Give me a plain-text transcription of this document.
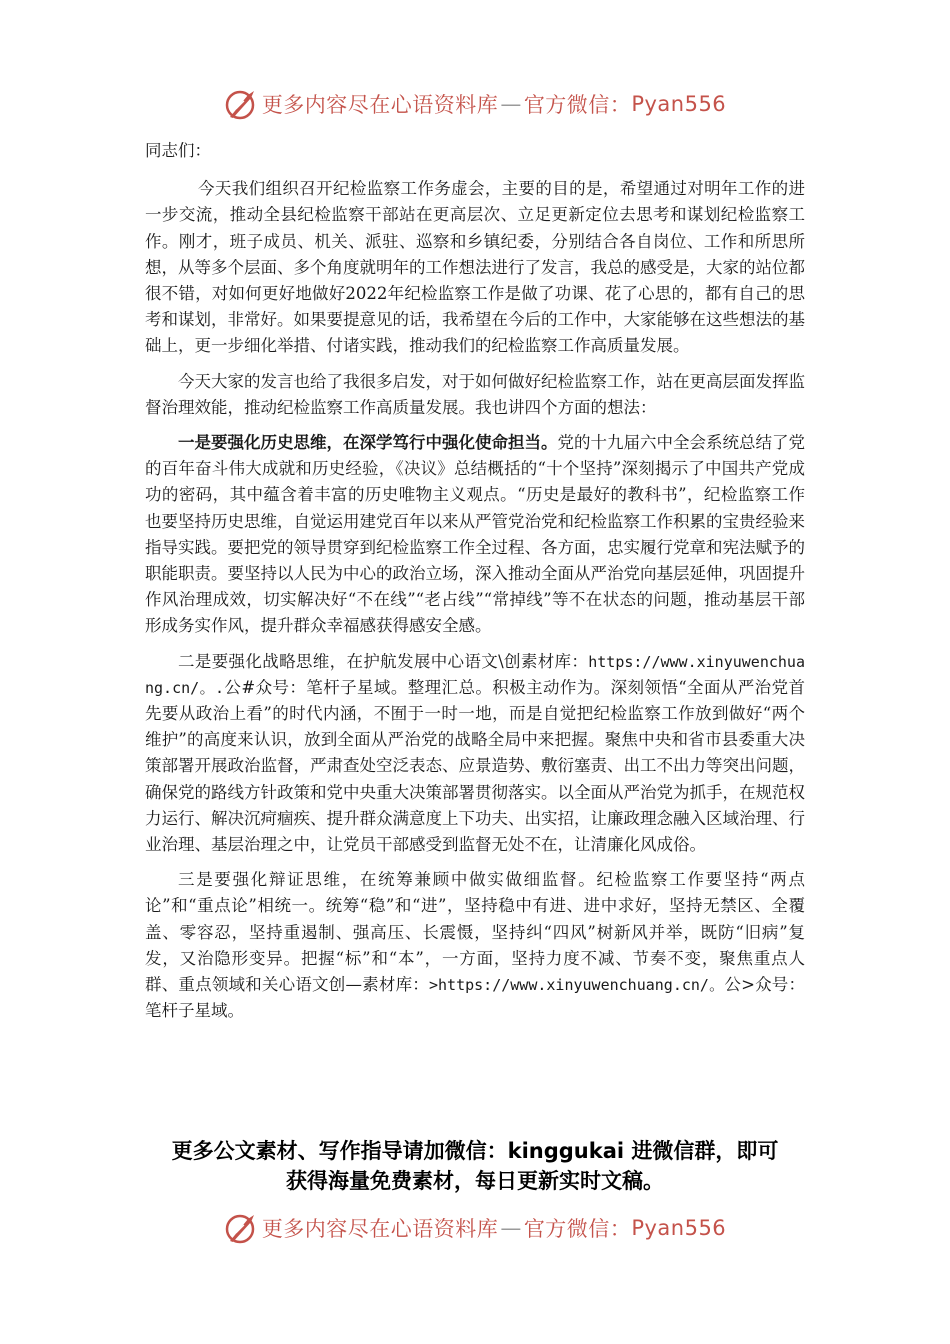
更多内容尽在心语资料库 — 官方微信： Pyan556

同志们：

今天我们组织召开纪检监察工作务虚会，主要的目的是，希望通过对明年工作的进一步交流，推动全县纪检监察干部站在更高层次、立足更新定位去思考和谋划纪检监察工作。刚才，班子成员、机关、派驻、巡察和乡镇纪委，分别结合各自岗位、工作和所思所想，从等多个层面、多个角度就明年的工作想法进行了发言，我总的感受是，大家的站位都很不错，对如何更好地做好2022年纪检监察工作是做了功课、花了心思的，都有自己的思考和谋划，非常好。如果要提意见的话，我希望在今后的工作中，大家能够在这些想法的基础上，更一步细化举措、付诸实践，推动我们的纪检监察工作高质量发展。

今天大家的发言也给了我很多启发，对于如何做好纪检监察工作，站在更高层面发挥监督治理效能，推动纪检监察工作高质量发展。我也讲四个方面的想法：

一是要强化历史思维，在深学笃行中强化使命担当。党的十九届六中全会系统总结了党的百年奋斗伟大成就和历史经验，《决议》总结概括的“十个坚持”深刻揭示了中国共产党成功的密码，其中蕴含着丰富的历史唯物主义观点。“历史是最好的教科书”，纪检监察工作也要坚持历史思维，自觉运用建党百年以来从严管党治党和纪检监察工作积累的宝贵经验来指导实践。要把党的领导贯穿到纪检监察工作全过程、各方面，忠实履行党章和宪法赋予的职能职责。要坚持以人民为中心的政治立场，深入推动全面从严治党向基层延伸，巩固提升作风治理成效，切实解决好“不在线”“老占线”“常掉线”等不在状态的问题，推动基层干部形成务实作风，提升群众幸福感获得感安全感。

二是要强化战略思维，在护航发展中心语文\创素材库：https://www.xinyuwenchuang.cn/。.公#众号：笔杆子星域。整理汇总。积极主动作为。深刻领悟“全面从严治党首先要从政治上看”的时代内涵，不囿于一时一地，而是自觉把纪检监察工作放到做好“两个维护”的高度来认识，放到全面从严治党的战略全局中来把握。聚焦中央和省市县委重大决策部署开展政治监督，严肃查处空泛表态、应景造势、敷衍塞责、出工不出力等突出问题，确保党的路线方针政策和党中央重大决策部署贯彻落实。以全面从严治党为抓手，在规范权力运行、解决沉疴痼疾、提升群众满意度上下功夫、出实招，让廉政理念融入区域治理、行业治理、基层治理之中，让党员干部感受到监督无处不在，让清廉化风成俗。

三是要强化辩证思维，在统筹兼顾中做实做细监督。纪检监察工作要坚持“两点论”和“重点论”相统一。统筹“稳”和“进”，坚持稳中有进、进中求好，坚持无禁区、全覆盖、零容忍，坚持重遏制、强高压、长震慑，坚持纠“四风”树新风并举，既防“旧病”复发，又治隐形变异。把握“标”和“本”，一方面，坚持力度不减、节奏不变，聚焦重点人群、重点领域和关心语文创—素材库：>https://www.xinyuwenchuang.cn/。公>众号：笔杆子星域。

更多公文素材、写作指导请加微信：kinggukai 进微信群，即可
获得海量免费素材，每日更新实时文稿。
更多内容尽在心语资料库 — 官方微信： Pyan556
